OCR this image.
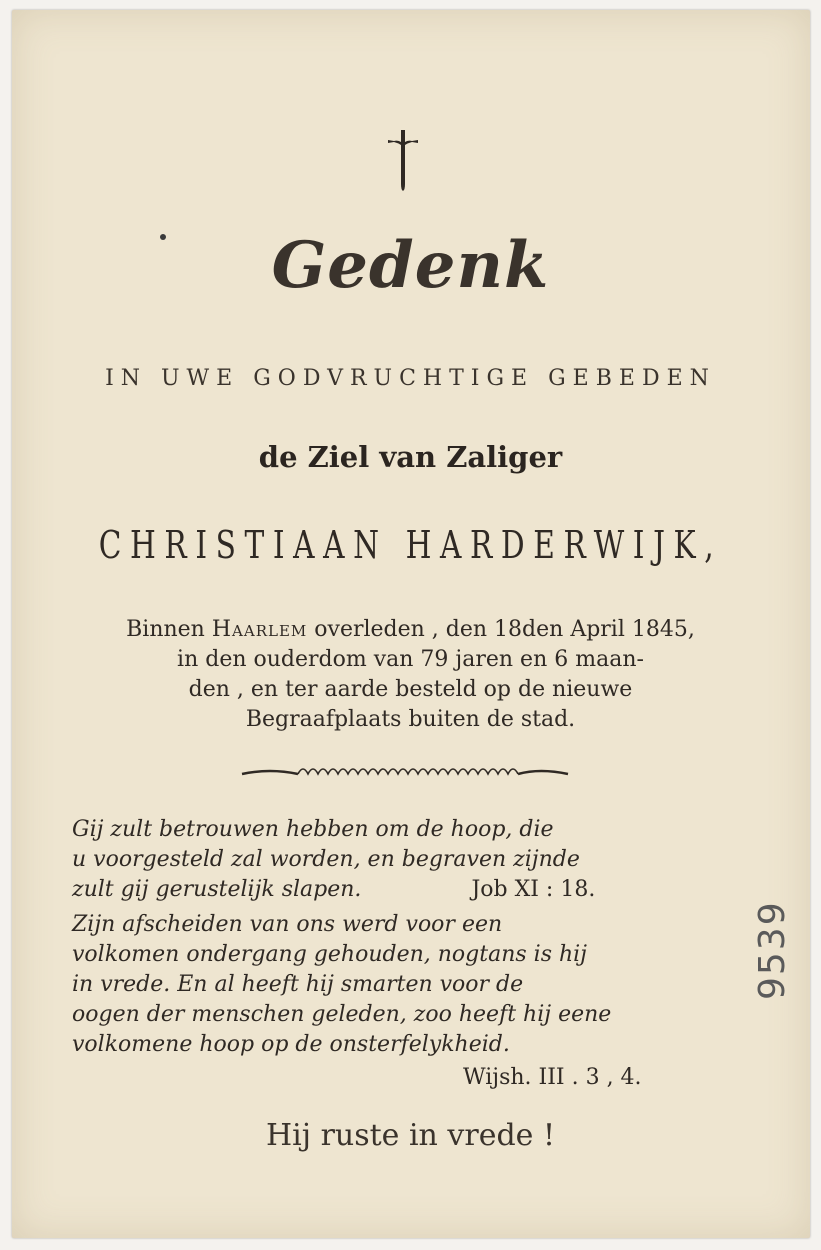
Gedenk
IN UWE GODVRUCHTIGE GEBEDEN
de Ziel van Zaliger
CHRISTIAAN HARDERWIJK,
Binnen Haarlem overleden , den 18den April 1845,
in den ouderdom van 79 jaren en 6 maan-
den , en ter aarde besteld op de nieuwe
Begraafplaats buiten de stad.
Gij zult betrouwen hebben om de hoop, die
u voorgesteld zal worden, en begraven zijnde
zult gij gerustelijk slapen.	Job XI : 18.
Zijn afscheiden van ons werd voor een
volkomen ondergang gehouden, nogtans is hij
in vrede. En al heeft hij smarten voor de
oogen der menschen geleden, zoo heeft hij eene
volkomene hoop op de onsterfelykheid.
Wijsh. III . 3 , 4.
Hij ruste in vrede !
9539
